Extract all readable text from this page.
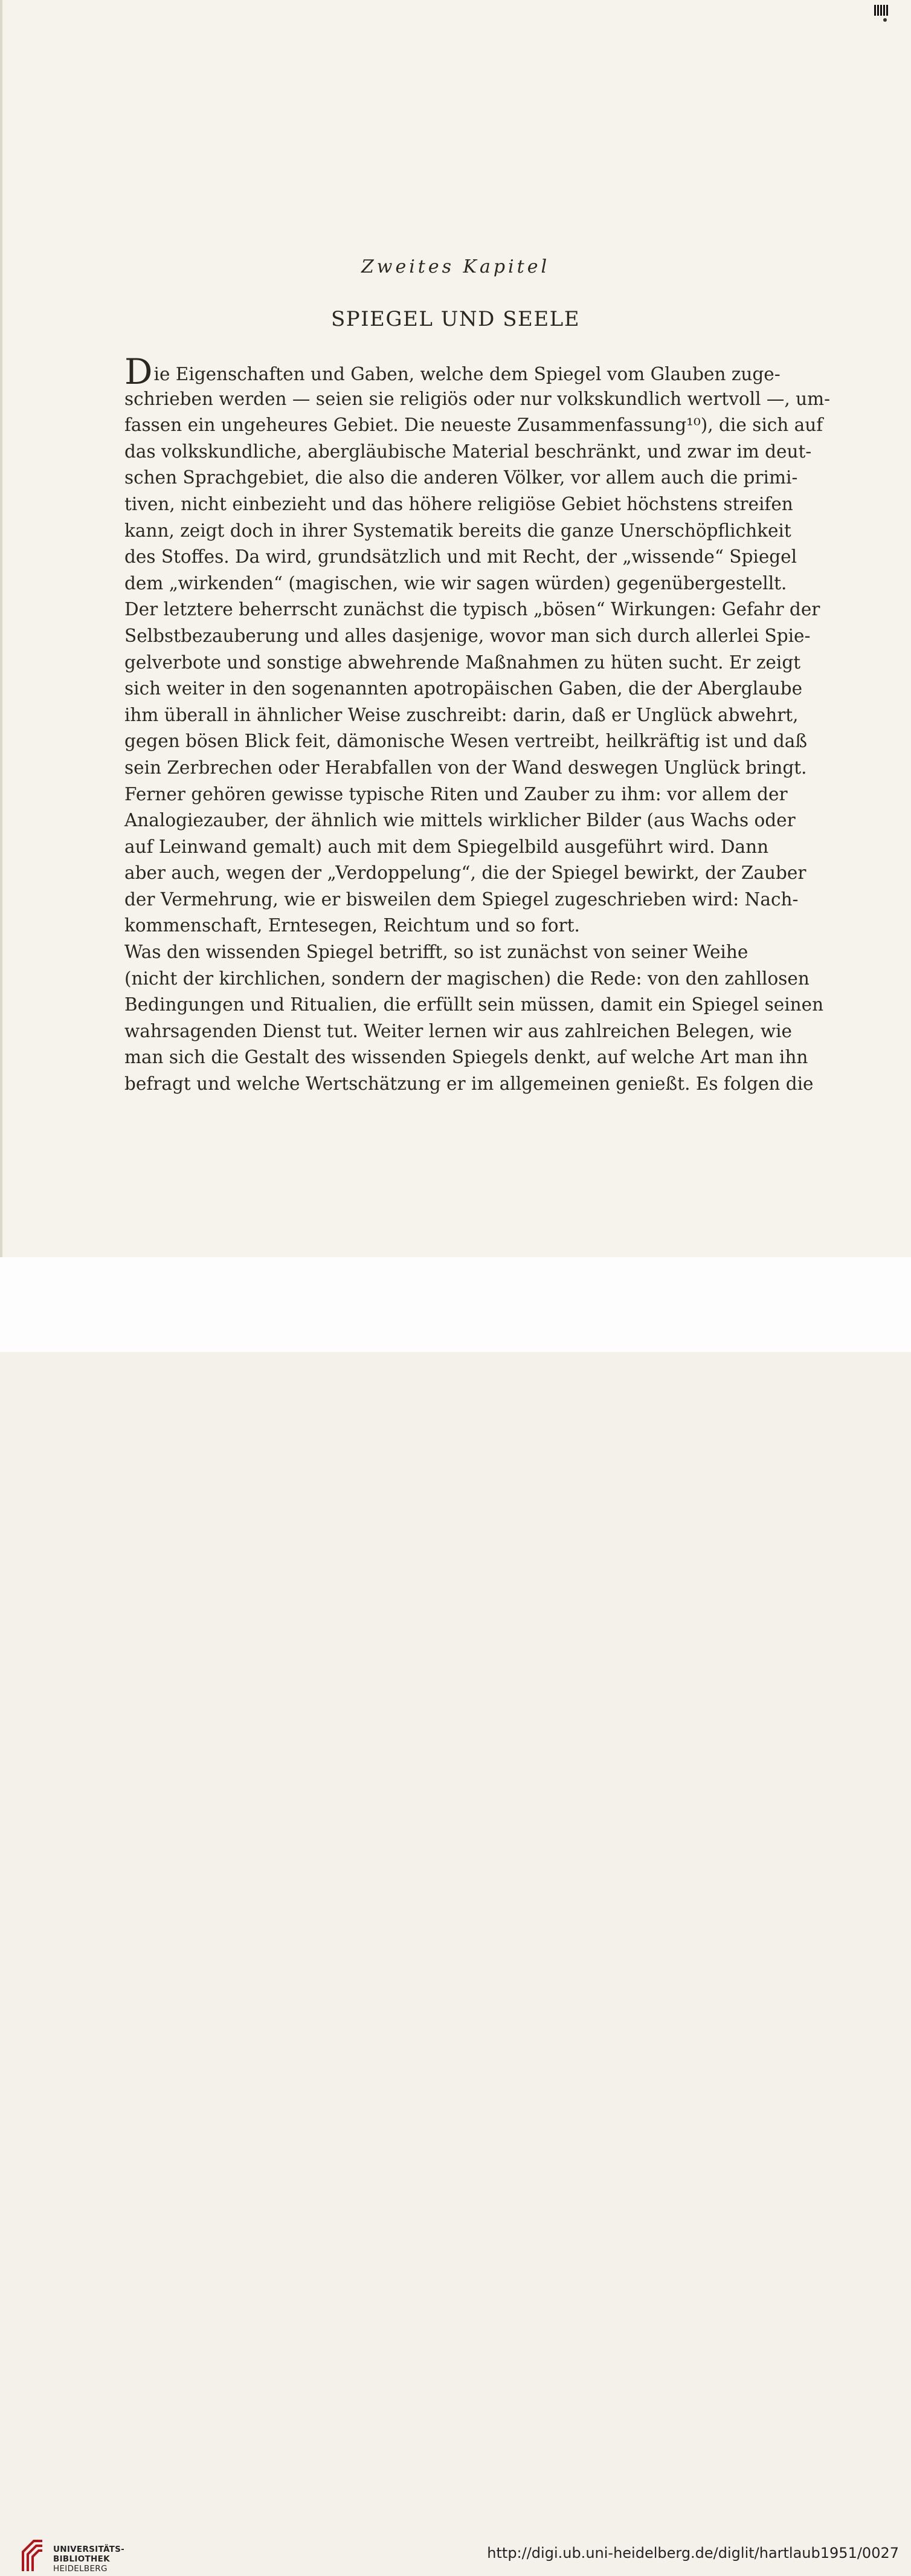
Zweites Kapitel
SPIEGEL UND SEELE
Die Eigenschaften und Gaben, welche dem Spiegel vom Glauben zuge-
schrieben werden — seien sie religiös oder nur volkskundlich wertvoll —, um-
fassen ein ungeheures Gebiet. Die neueste Zusammenfassung¹⁰), die sich auf
das volkskundliche, abergläubische Material beschränkt, und zwar im deut-
schen Sprachgebiet, die also die anderen Völker, vor allem auch die primi-
tiven, nicht einbezieht und das höhere religiöse Gebiet höchstens streifen
kann, zeigt doch in ihrer Systematik bereits die ganze Unerschöpflichkeit
des Stoffes. Da wird, grundsätzlich und mit Recht, der „wissende“ Spiegel
dem „wirkenden“ (magischen, wie wir sagen würden) gegenübergestellt.
Der letztere beherrscht zunächst die typisch „bösen“ Wirkungen: Gefahr der
Selbstbezauberung und alles dasjenige, wovor man sich durch allerlei Spie-
gelverbote und sonstige abwehrende Maßnahmen zu hüten sucht. Er zeigt
sich weiter in den sogenannten apotropäischen Gaben, die der Aberglaube
ihm überall in ähnlicher Weise zuschreibt: darin, daß er Unglück abwehrt,
gegen bösen Blick feit, dämonische Wesen vertreibt, heilkräftig ist und daß
sein Zerbrechen oder Herabfallen von der Wand deswegen Unglück bringt.
Ferner gehören gewisse typische Riten und Zauber zu ihm: vor allem der
Analogiezauber, der ähnlich wie mittels wirklicher Bilder (aus Wachs oder
auf Leinwand gemalt) auch mit dem Spiegelbild ausgeführt wird. Dann
aber auch, wegen der „Verdoppelung“, die der Spiegel bewirkt, der Zauber
der Vermehrung, wie er bisweilen dem Spiegel zugeschrieben wird: Nach-
kommenschaft, Erntesegen, Reichtum und so fort.
Was den wissenden Spiegel betrifft, so ist zunächst von seiner Weihe
(nicht der kirchlichen, sondern der magischen) die Rede: von den zahllosen
Bedingungen und Ritualien, die erfüllt sein müssen, damit ein Spiegel seinen
wahrsagenden Dienst tut. Weiter lernen wir aus zahlreichen Belegen, wie
man sich die Gestalt des wissenden Spiegels denkt, auf welche Art man ihn
befragt und welche Wertschätzung er im allgemeinen genießt. Es folgen die
UNIVERSITÄTS-
BIBLIOTHEK
HEIDELBERG
http://digi.ub.uni-heidelberg.de/diglit/hartlaub1951/0027
